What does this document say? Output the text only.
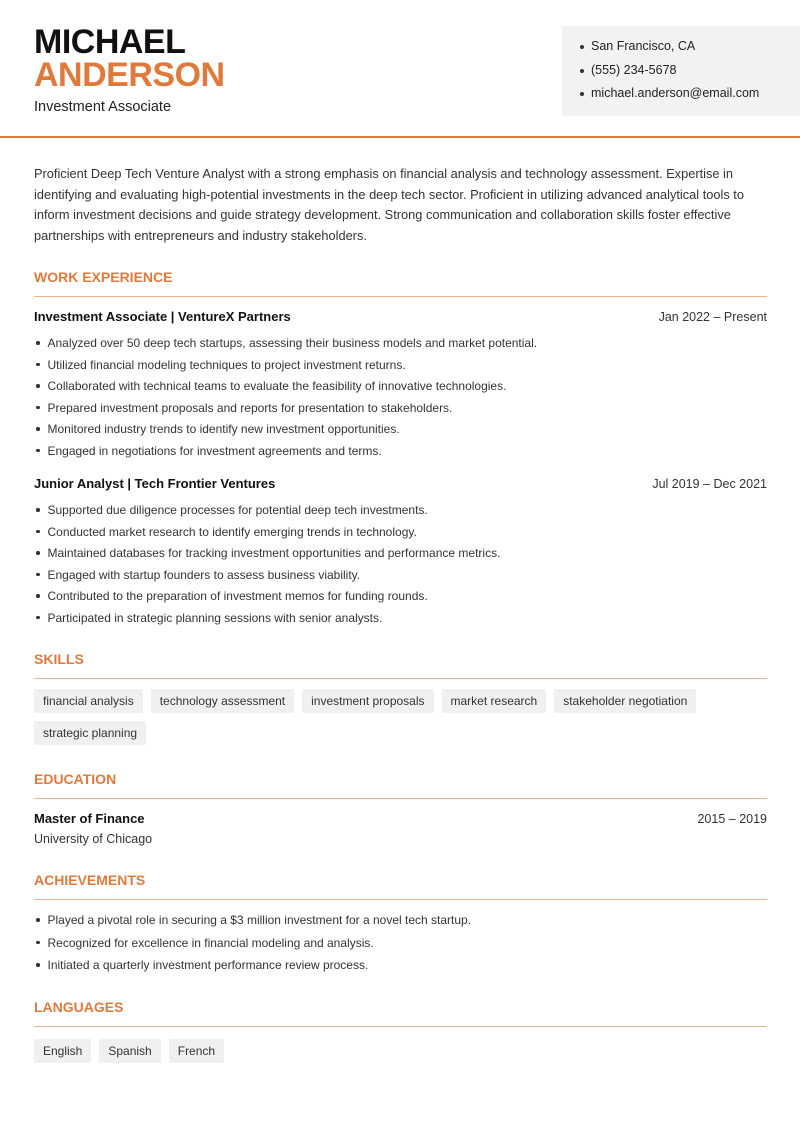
MICHAEL
ANDERSON
Investment Associate
San Francisco, CA
(555) 234-5678
michael.anderson@email.com
Proficient Deep Tech Venture Analyst with a strong emphasis on financial analysis and technology assessment. Expertise in identifying and evaluating high-potential investments in the deep tech sector. Proficient in utilizing advanced analytical tools to inform investment decisions and guide strategy development. Strong communication and collaboration skills foster effective partnerships with entrepreneurs and industry stakeholders.
WORK EXPERIENCE
Investment Associate | VentureX Partners	Jan 2022 – Present
Analyzed over 50 deep tech startups, assessing their business models and market potential.
Utilized financial modeling techniques to project investment returns.
Collaborated with technical teams to evaluate the feasibility of innovative technologies.
Prepared investment proposals and reports for presentation to stakeholders.
Monitored industry trends to identify new investment opportunities.
Engaged in negotiations for investment agreements and terms.
Junior Analyst | Tech Frontier Ventures	Jul 2019 – Dec 2021
Supported due diligence processes for potential deep tech investments.
Conducted market research to identify emerging trends in technology.
Maintained databases for tracking investment opportunities and performance metrics.
Engaged with startup founders to assess business viability.
Contributed to the preparation of investment memos for funding rounds.
Participated in strategic planning sessions with senior analysts.
SKILLS
financial analysis	technology assessment	investment proposals	market research	stakeholder negotiation
strategic planning
EDUCATION
Master of Finance	2015 – 2019
University of Chicago
ACHIEVEMENTS
Played a pivotal role in securing a $3 million investment for a novel tech startup.
Recognized for excellence in financial modeling and analysis.
Initiated a quarterly investment performance review process.
LANGUAGES
English	Spanish	French
